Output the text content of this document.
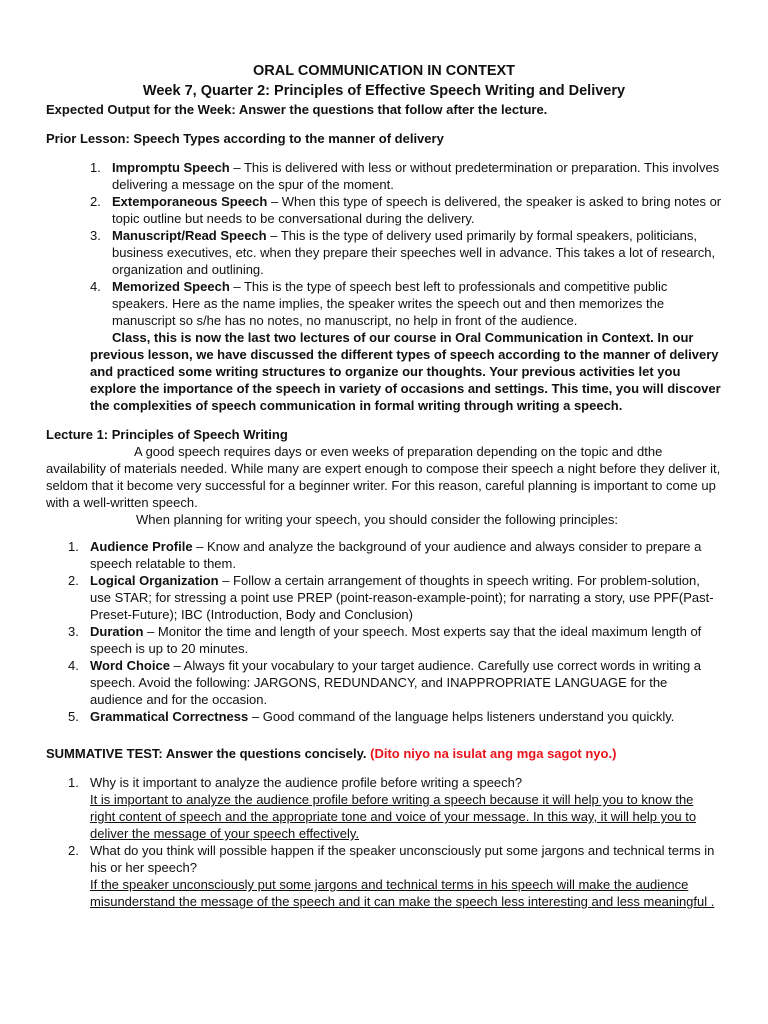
ORAL COMMUNICATION IN CONTEXT
Week 7, Quarter 2: Principles of Effective Speech Writing and Delivery

Expected Output for the Week: Answer the questions that follow after the lecture.

Prior Lesson: Speech Types according to the manner of delivery

1. Impromptu Speech – This is delivered with less or without predetermination or preparation. This involves delivering a message on the spur of the moment.
2. Extemporaneous Speech – When this type of speech is delivered, the speaker is asked to bring notes or topic outline but needs to be conversational during the delivery.
3. Manuscript/Read Speech – This is the type of delivery used primarily by formal speakers, politicians, business executives, etc. when they prepare their speeches well in advance. This takes a lot of research, organization and outlining.
4. Memorized Speech – This is the type of speech best left to professionals and competitive public speakers. Here as the name implies, the speaker writes the speech out and then memorizes the manuscript so s/he has no notes, no manuscript, no help in front of the audience.

Class, this is now the last two lectures of our course in Oral Communication in Context. In our previous lesson, we have discussed the different types of speech according to the manner of delivery and practiced some writing structures to organize our thoughts. Your previous activities let you explore the importance of the speech in variety of occasions and settings. This time, you will discover the complexities of speech communication in formal writing through writing a speech.

Lecture 1: Principles of Speech Writing

A good speech requires days or even weeks of preparation depending on the topic and dthe availability of materials needed. While many are expert enough to compose their speech a night before they deliver it, seldom that it become very successful for a beginner writer. For this reason, careful planning is important to come up with a well-written speech.

When planning for writing your speech, you should consider the following principles:

1. Audience Profile – Know and analyze the background of your audience and always consider to prepare a speech relatable to them.
2. Logical Organization – Follow a certain arrangement of thoughts in speech writing. For problem-solution, use STAR; for stressing a point use PREP (point-reason-example-point); for narrating a story, use PPF(Past-Preset-Future); IBC (Introduction, Body and Conclusion)
3. Duration – Monitor the time and length of your speech. Most experts say that the ideal maximum length of speech is up to 20 minutes.
4. Word Choice – Always fit your vocabulary to your target audience. Carefully use correct words in writing a speech. Avoid the following: JARGONS, REDUNDANCY, and INAPPROPRIATE LANGUAGE for the audience and for the occasion.
5. Grammatical Correctness – Good command of the language helps listeners understand you quickly.

SUMMATIVE TEST: Answer the questions concisely. (Dito niyo na isulat ang mga sagot nyo.)

1. Why is it important to analyze the audience profile before writing a speech?
It is important to analyze the audience profile before writing a speech because it will help you to know the right content of speech and the appropriate tone and voice of your message. In this way, it will help you to deliver the message of your speech effectively.
2. What do you think will possible happen if the speaker unconsciously put some jargons and technical terms in his or her speech?
If the speaker unconsciously put some jargons and technical terms in his speech will make the audience misunderstand the message of the speech and it can make the speech less interesting and less meaningful .
